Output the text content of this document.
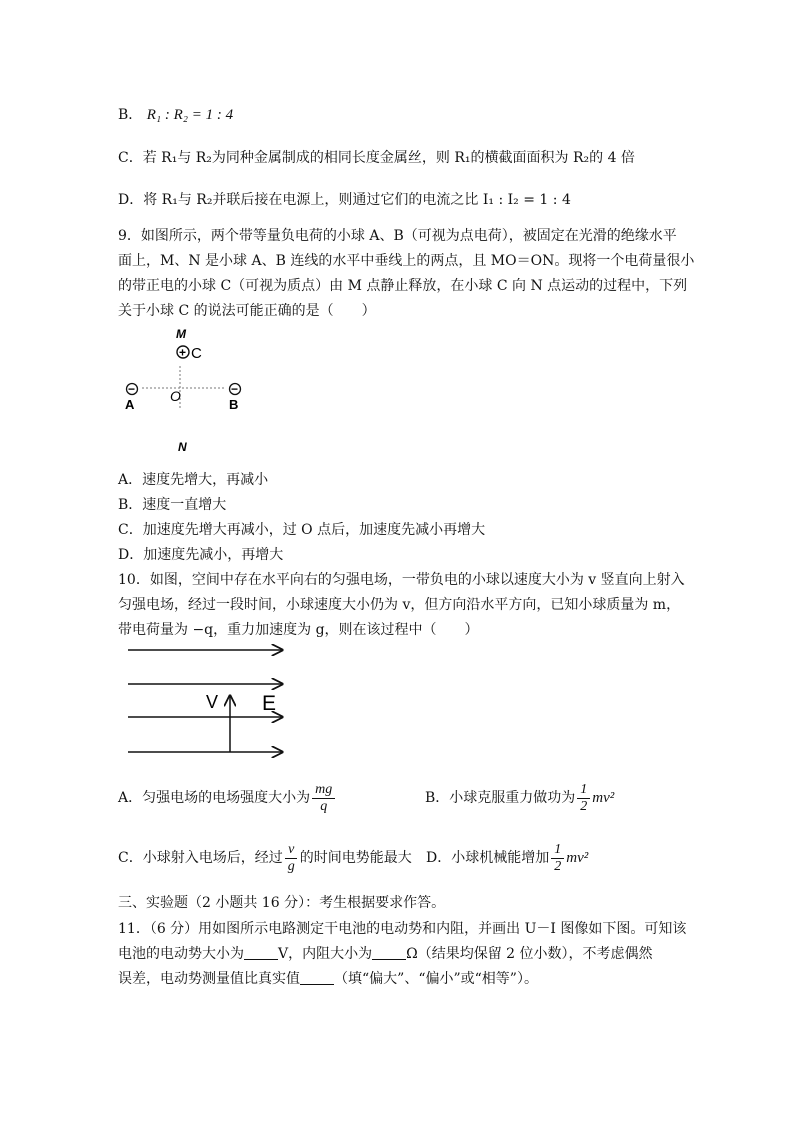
B． R₁ : R₂ = 1 : 4
C．若 R₁与 R₂为同种金属制成的相同长度金属丝，则 R₁的横截面面积为 R₂的 4 倍
D．将 R₁与 R₂并联后接在电源上，则通过它们的电流之比 I₁ : I₂ = 1 : 4
9．如图所示，两个带等量负电荷的小球 A、B（可视为点电荷），被固定在光滑的绝缘水平
面上，M、N 是小球 A、B 连线的水平中垂线上的两点，且 MO＝ON。现将一个电荷量很小
的带正电的小球 C（可视为质点）由 M 点静止释放，在小球 C 向 N 点运动的过程中，下列
关于小球 C 的说法可能正确的是（　　）
M
+ C
−	−
A
O
B
N
A．速度先增大，再减小
B．速度一直增大
C．加速度先增大再减小，过 O 点后，加速度先减小再增大
D．加速度先减小，再增大
10．如图，空间中存在水平向右的匀强电场，一带负电的小球以速度大小为 v 竖直向上射入
匀强电场，经过一段时间，小球速度大小仍为 v，但方向沿水平方向，已知小球质量为 m，
带电荷量为 −q，重力加速度为 g，则在该过程中（　　）
V E
A．匀强电场的电场强度大小为 $\frac{mg}{q}$	B．小球克服重力做功为 $\frac{1}{2} mv^2$
C．小球射入电场后，经过 $\frac{v}{g}$ 的时间电势能最大 D．小球机械能增加 $\frac{1}{2} mv^2$
三、实验题（2 小题共 16 分）：考生根据要求作答。
11．（6 分）用如图所示电路测定干电池的电动势和内阻，并画出 U－I 图像如下图。可知该
电池的电动势大小为 V，内阻大小为 Ω（结果均保留 2 位小数），不考虑偶然
误差，电动势测量值比真实值 （填“偏大”、“偏小”或“相等”）。
